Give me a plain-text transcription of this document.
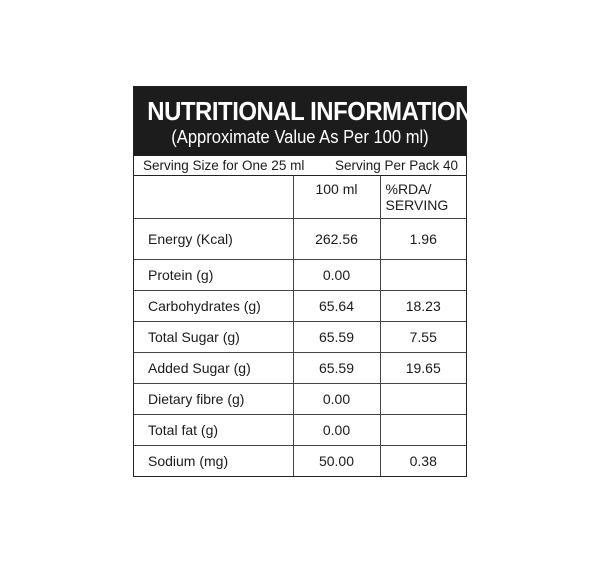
NUTRITIONAL INFORMATION
(Approximate Value As Per 100 ml)
Serving Size for One 25 ml Serving Per Pack 40
	100 ml	%RDA/
SERVING

Energy (Kcal)	262.56	1.96
Protein (g)	0.00	
Carbohydrates (g)	65.64	18.23
Total Sugar (g)	65.59	7.55
Added Sugar (g)	65.59	19.65
Dietary fibre (g)	0.00	
Total fat (g)	0.00	
Sodium (mg)	50.00	0.38
